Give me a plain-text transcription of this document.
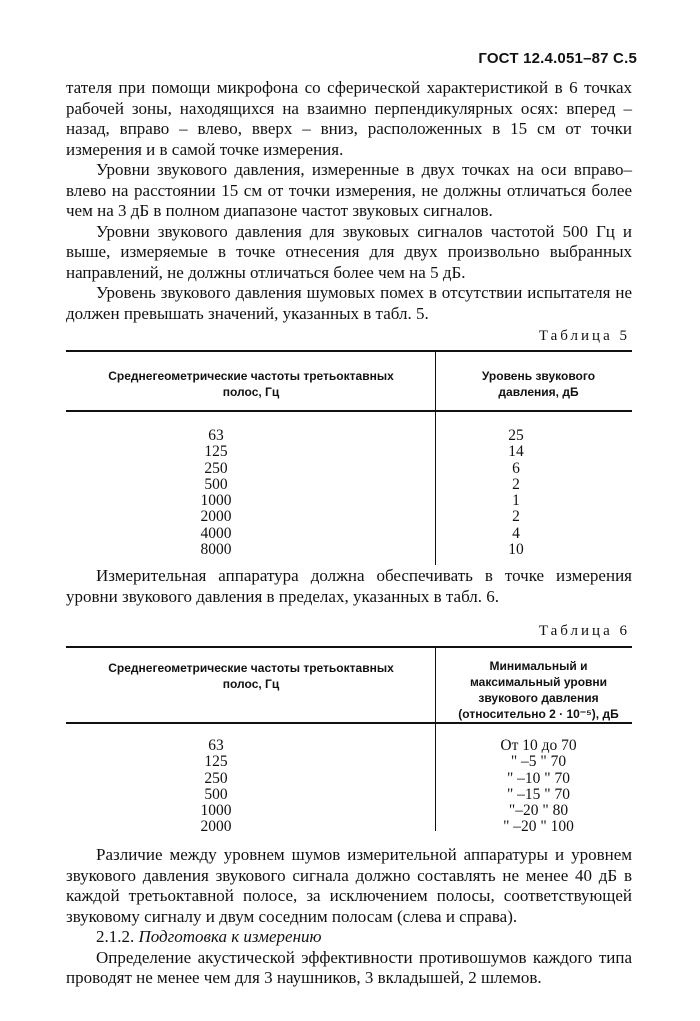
ГОСТ 12.4.051–87 С.5

тателя при помощи микрофона со сферической характеристикой в 6 точках рабочей зоны, находящихся на взаимно перпендикулярных осях: вперед – назад, вправо – влево, вверх – вниз, расположенных в 15 см от точки измерения и в самой точке измерения.

Уровни звукового давления, измеренные в двух точках на оси вправо–влево на расстоянии 15 см от точки измерения, не должны отличаться более чем на 3 дБ в полном диапазоне частот звуковых сигналов.

Уровни звукового давления для звуковых сигналов частотой 500 Гц и выше, измеряемые в точке отнесения для двух произвольно выбранных направлений, не должны отличаться более чем на 5 дБ.

Уровень звукового давления шумовых помех в отсутствии испытателя не должен превышать значений, указанных в табл. 5.

Таблица 5
Среднегеометрические частоты третьоктавных полос, Гц
Уровень звукового давления, дБ
63
125
250
500
1000
2000
4000
8000
25
14
6
2
1
2
4
10

Измерительная аппаратура должна обеспечивать в точке измерения уровни звукового давления в пределах, указанных в табл. 6.

Таблица 6
Среднегеометрические частоты третьоктавных полос, Гц
Минимальный и максимальный уровни звукового давления (относительно 2 · 10⁻⁵), дБ
63
125
250
500
1000
2000
От 10 до 70
" –5 " 70
" –10 " 70
" –15 " 70
"–20 " 80
" –20 " 100

Различие между уровнем шумов измерительной аппаратуры и уровнем звукового давления звукового сигнала должно составлять не менее 40 дБ в каждой третьоктавной полосе, за исключением полосы, соответствующей звуковому сигналу и двум соседним полосам (слева и справа).

2.1.2. Подготовка к измерению

Определение акустической эффективности противошумов каждого типа проводят не менее чем для 3 наушников, 3 вкладышей, 2 шлемов.
